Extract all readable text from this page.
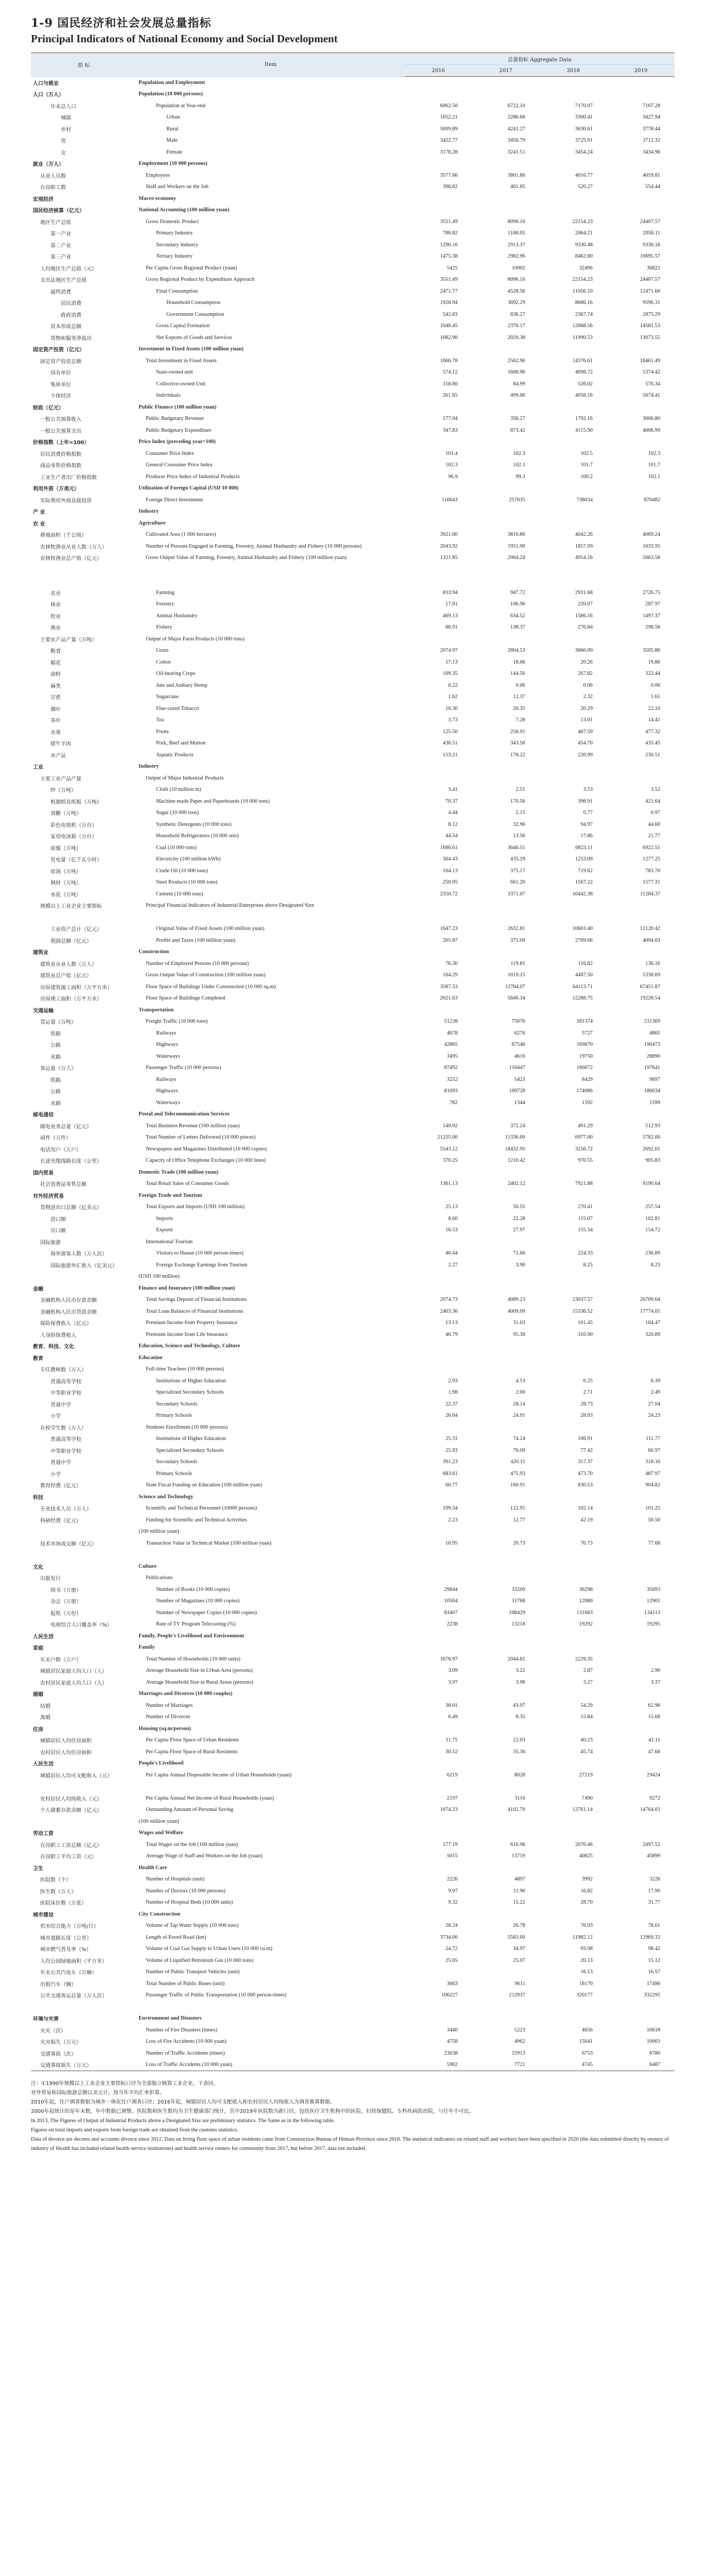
1-9 国民经济和社会发展总量指标
Principal Indicators of National Economy and Social Development
指 标	Item	总量指标 Aggregate Data			
		2016	2017	2018	2019
人口与就业	Population and Employment				
人口（万人）	Population (10 000 persons)				
年末总人口	Population at Year-end	6062.50	6722.10	7170.07	7167.28
城镇	Urban	1052.21	2286.68	3300.41	3427.94
乡村	Rural	5009.89	4241.27	3630.61	3778.44
男	Male	3422.77	3450.79	3725.91	3712.32
女	Female	3178.28	3241.51	3454.24	3434.96
就业（万人）	Employment (10 000 persons)				
从业人员数	Employees	3577.66	3801.86	4016.77	4059.81
在岗职工数	Staff and Workers on the Job	396.82	401.85	520.27	554.44
宏观经济	Macro-economy				
国民经济核算（亿元）	National Accounting (100 million yuan)				
地区生产总值	Gross Domestic Product	3551.49	8096.16	22154.23	24407.57
第一产业	Primary Industry	786.82	1168.05	2064.21	2056.11
第二产业	Secondary Industry	1290.16	2913.37	9330.48	9330.16
第三产业	Tertiary Industry	1475.38	2982.96	8462.80	10695.57
人均地区生产总值（元）	Per Capita Gross Regional Product (yuan)	5425	10002	32496	36822
支出法地区生产总值	Gross Regional Product by Expenditure Approach	3551.49	8096.16	22154.23	24407.57
最终消费	Final Consumption	2471.77	4528.56	11056.10	12471.60
居民消费	Household Consumption	1928.94	3692.29	8686.16	9596.31
政府消费	Government Consumption	542.83	836.27	2367.74	2875.29
资本形成总额	Gross Capital Formation	1046.45	2370.17	12668.56	14581.53
货物和服务净流出	Net Exports of Goods and Services	1082.90	2020.38	11990.53	13073.55
固定资产投资（亿元）	Investment in Fixed Assets (100 million yuan)				
固定资产投资总额	Total Investment in Fixed Assets	1066.78	2562.96	14376.61	16461.49
国有单位	State-owned unit	574.12	1606.96	4098.72	5374.42
集体单位	Collective-owned Unit	118.80	84.99	526.02	576.34
个体经济	Individuals	261.65	499.06	4058.16	5674.41
财政（亿元）	Public Finance (100 million yuan)				
一般公共预算收入	Public Budgetary Revenue	177.04	356.27	1792.16	3006.80
一般公共预算支出	Public Budgetary Expenditure	347.83	873.42	4115.90	4006.99
价格指数（上年=100）	Price Index (preceding year=100)				
居民消费价格指数	Consumer Price Index	101.4	102.3	102.5	102.3
商品零售价格指数	General Consumer Price Index	102.3	102.1	101.7	101.7
工业生产者出厂价格指数	Producer Price Index of Industrial Products	96.9	99.3	100.2	102.1
利用外资（万美元）	Utilization of Foreign Capital (USD 10 000)				
实际利用外商直接投资	Foreign Direct Investment	116643	257035	738034	870482
产 业	Industry				
农 业	Agriculture				
耕地面积（千公顷）	Cultivated Area (1 000 hectares)	3921.60	3810.86	4042.26	4069.24
农林牧渔业从业人数（万人）	Number of Persons Engaged in Farming, Forestry, Animal Husbandry and Fishery (10 000 persons)	2043.92	1951.90	1857.09	1633.95
农林牧渔业总产值（亿元）	Gross Output Value of Farming, Forestry, Animal Husbandry and Fishery (100 million yuan)	1321.85	2064.24	4954.16	5063.58

农业	Farming	833.94	947.72	2931.68	2726.75
林业	Forestry	17.01	106.96	220.07	287.97
牧业	Animal Husbandry	469.13	634.52	1586.16	1497.37
渔业	Fishery	86.91	138.37	276.84	298.56
主要农产品产量（万吨）	Output of Major Farm Products (10 000 tons)				
粮食	Grain	2074.97	2804.53	3666.00	3505.86
棉花	Cotton	17.13	18.06	20.26	19.86
油料	Oil-bearing Crops	109.35	144.56	267.82	322.44
麻类	Jute and Ambary Hemp	0.22	0.06	0.06	0.06
甘蔗	Sugarcane	1.62	12.37	2.32	1.61
烟叶	Flue-cured Tobacco	10.30	20.35	20.29	22.10
茶叶	Tea	3.73	7.28	13.01	14.41
水果	Fruits	125.50	256.91	467.59	477.32
猪牛羊肉	Pork, Beef and Mutton	436.51	343.50	454.70	435.45
水产品	Aquatic Products	153.21	178.22	220.99	230.51
工业	Industry				
主要工业产品产量	Output of Major Industrial Products				
纱（万吨）	Cloth (10 million m)	3.41	2.51	3.53	3.52
机制纸及纸板（万吨）	Machine-made Paper and Paperboards (10 000 tons)	70.37	170.56	398.91	421.64
食糖（万吨）	Sugar (10 000 tons)	4.44	2.15	0.77	0.97
彩色电视机（万台）	Synthetic Detergents (10 000 tons)	8.12	32.96	94.97	44.60
家用电冰箱（万台）	Household Refrigerators (10 000 sets)	44.54	13.56	17.86	21.77
原煤（万吨）	Coal (10 000 tons)	1686.61	3640.51	6823.11	6922.51
发电量（亿千瓦小时）	Electricity (100 million kWh)	304.43	435.29	1253.09	1277.25
原油（万吨）	Crude Oil (10 000 tons)	164.13	375.17	719.62	783.70
钢材（万吨）	Steel Products (10 000 tons)	250.95	661.20	1567.22	1577.31
水泥（万吨）	Cement (10 000 tons)	2350.72	3371.07	10442.38	11284.37
规模以上工业企业主要指标	Principal Financial Indicators of Industrial Enterprises above Designated Size				

工业资产总计（亿元）	Original Value of Fixed Assets (100 million yuan)	1647.23	2632.81	10603.40	12120.42
利润总额（亿元）	Profits and Taxes (100 million yuan)	205.87	375.09	2709.66	4094.03
建筑业	Construction				
建筑业从业人数（万人）	Number of Employed Persons (10 000 persons)	76.30	119.81	116.82	136.16
建筑业总产值（亿元）	Gross Output Value of Construction (100 million yuan)	164.29	1019.15	4487.50	5330.69
房屋建筑施工面积（万平方米）	Floor Space of Buildings Under Construction (10 000 sq.m)	3587.53	12764.07	64113.71	67451.87
房屋竣工面积（万平方米）	Floor Space of Buildings Completed	2021.63	5846.34	12288.75	19228.54
交通运输	Transportation				
货运量（万吨）	Freight Traffic (10 000 tons)	51238	75076	181374	211369
铁路	Railways	4678	6276	5727	4865
公路	Highways	42865	67546	169670	190473
水路	Waterways	3495	4616	19750	28890
客运量（万人）	Passenger Traffic (10 000 persons)	87492	116447	166672	197641
铁路	Railways	3252	5423	8429	9697
公路	Highways	81093	109728	174086	186034
水路	Waterways	782	1344	1592	1599
邮电通信	Postal and Telecommunication Services				
邮电业务总量（亿元）	Total Business Revenue (100 million yuan)	140.92	372.24	491.29	512.93
函件（万件）	Total Number of Letters Delivered (10 000 pieces)	21255.00	11336.00	6977.00	5782.00
电话用户（万户）	Newspapers and Magazines Distributed (10 000 copies)	5543.12	18432.95	3256.72	2692.01
长途光缆线路长度（公里）	Capacity of Office Telephone Exchanges (10 000 lines)	370.25	1210.42	970.55	905.83
国内贸易	Domestic Trade (100 million yuan)				
社会消费品零售总额	Total Retail Sales of Consumer Goods	1361.13	2402.12	7921.88	9190.64
对外经济贸易	Foreign Trade and Tourism				
货物进出口总额（亿美元）	Total Exports and Imports (USD 100 million)	25.13	50.55	270.41	257.54
进口额	Imports	8.60	22.28	115.07	102.81
出口额	Exports	16.53	27.97	155.34	154.72
国际旅游	International Tourism				
海外游客人数（万人次）	Visitors to Hunan (10 000 person-times)	40.44	71.66	224.33	236.89
国际旅游外汇收入（亿美元）	Foreign Exchange Earnings from Tourism	2.27	3.90	8.25	8.23
	(USD 100 million)				
金融	Finance and Insurance (100 million yuan)				
金融机构人民币存款余额	Total Savings Deposit of Financial Institutions	2074.73	4089.23	23037.57	26709.64
金融机构人民币贷款余额	Total Loan Balances of Financial Institutions	2403.36	4009.09	15336.52	17774.05
保险保费收入（亿元）	Premium Income from Property Insurance	13.13	31.03	101.45	164.47
人身险保费收入	Premium Income from Life Insurance	46.79	95.38	310.90	320.89
教育、科技、文化	Education, Science and Technology, Culture				
教育	Education				
专任教师数（万人）	Full-time Teachers (10 000 persons)				
普通高等学校	Institutions of Higher Education	2.93	4.53	6.25	6.39
中等职业学校	Specialized Secondary Schools	1.98	2.00	2.71	2.49
普通中学	Secondary Schools	22.37	28.14	28.73	27.04
小学	Primary Schools	26.64	24.91	28.93	24.23
在校学生数（万人）	Students Enrollment (10 000 persons)				
普通高等学校	Institutions of Higher Education	25.31	74.24	106.91	111.77
中等职业学校	Specialized Secondary Schools	25.93	76.09	77.42	60.97
普通中学	Secondary Schools	391.23	420.11	317.37	318.16
小学	Primary Schools	683.61	475.93	473.70	487.97
教育经费（亿元）	State Fiscal Funding on Education (100 million yuan)	60.77	160.91	830.53	904.82
科技	Science and Technology				
专业技术人员（万人）	Scientific and Technical Personnel (10000 persons)	109.34	122.91	102.14	101.25
科研经费（亿元）	Funding for Scientific and Technical Activities	2.23	12.77	42.19	50.50
	(100 million yuan)				
技术市场成交额（亿元）	Transaction Value in Technical Market (100 million yuan)	10.95	20.73	70.73	77.68

文化	Culture				
出版发行	Publications				
图书（万册）	Number of Books (10 000 copies)	29844	33209	36298	35693
杂志（万册）	Number of Magazines (10 000 copies)	10504	11768	12080	12901
报纸（万份）	Number of Newspaper Copies (10 000 copies)	83407	108429	131683	134113
电视综合人口覆盖率（%）	Rate of TV Program Telecasting (%)	2238	13218	19292	19295
人民生活	Family, People's Livelihood and Environment				
家庭	Family				
年末户数（万户）	Total Number of Households (10 000 units)	1676.97	2044.81	2229.35	
城镇居民家庭人均人口（人）	Average Household Size in Urban Area (persons)	3.09	3.22	2.87	2.90
农村居民家庭人均人口（人）	Average Household Size in Rural Areas (persons)	3.97	3.96	3.27	3.37
婚姻	Marriages and Divorces (10 000 couples)				
结婚	Number of Marriages	38.01	43.97	54.29	62.96
离婚	Number of Divorces	6.49	8.35	15.84	15.68
住房	Housing (sq.m/person)				
城镇居民人均住房面积	Per Capita Floor Space of Urban Residents	11.75	22.03	40.23	42.11
农村居民人均住房面积	Per Capita Floor Space of Rural Residents	30.52	35.36	45.74	47.68
人民生活	People's Livelihood				
城镇居民人均可支配收入（元）	Per Capita Annual Disposable Income of Urban Households (yuan)	6219	8028	27219	29424

农村居民人均纯收入（元）	Per Capita Annual Net Income of Rural Households (yuan)	2197	3116	7490	9272
个人储蓄存款余额（亿元）	Outstanding Amount of Personal Saving	1074.23	4102.70	12761.14	14764.03
	(100 million yuan)				
劳动工资	Wages and Welfare				
在岗职工工资总额（亿元）	Total Wages on the Job (100 million yuan)	177.19	616.98	2076.46	2497.52
在岗职工平均工资（元）	Average Wage of Staff and Workers on the Job (yuan)	5015	13719	40825	45899
卫生	Health Care				
医院数（个）	Number of Hospitals (unit)	2226	4897	3992	3226
医生数（万人）	Number of Doctors (10 000 persons)	9.97	11.90	16.82	17.90
医院床位数（万张）	Number of Hospital Beds (10 000 units)	9.32	15.22	28.70	31.77
城市建设	City Construction				
供水综合能力（万吨/日）	Volume of Tap Water Supply (10 000 tons)	28.24	26.78	76.93	78.61
城市道路长度（公里）	Length of Paved Road (km)	3734.00	5583.00	11982.12	12969.32
城市燃气普及率（%）	Volume of Coal Gas Supply to Urban Users (10 000 cu.m)	24.72	34.97	93.98	98.42
人均公园绿地面积（平方米）	Volume of Liquified Petroleum Gas (10 000 tons)	25.05	25.07	20.13	15.12
年末公共汽电车（万辆）	Number of Public Transport Vehicles (unit)			16.13	16.57
出租汽车（辆）	Total Number of Public Buses (unit)	3663	9611	18170	17496
公共交通客运总量（万人次）	Passenger Traffic of Public Transportation (10 000 person-times)	106227	212937	320177	332295

环境与灾害	Environment and Disasters				
火灾（次）	Number of Fire Disasters (times)	3440	5223	4656	10618
火灾损失（万元）	Loss of Fire Accidents (10 000 yuan)	4758	4962	15641	10003
交通事故（次）	Number of Traffic Accidents (times)	23638	15913	6753	6780
交通事故损失（万元）	Loss of Traffic Accidents (10 000 yuan)	5902	7721	4745	6487

注：①1990年规模以上工业企业主要指标口径为全部独立核算工业企业，下表同。

对外贸易和国际旅游总额以美元计，按当年平均汇率折算。

2010年起，住户调查数据为城乡一体化住户调查口径；2016年起，城镇居民人均可支配收入和农村居民人均纯收入为调查推算数据。

2000年起统计的是年末数，年中数据已调整。医院数和医生数均为卫生健康部门统计，其中2019年医院数为新口径，包括医疗卫生机构中的医院、妇幼保健院、专科疾病防治院，与往年不可比。

In 2013, The Figures of Output of Industrial Products above a Designated Size are preliminary statistics. The Same as in the following table.

Figures on total imports and exports from foreign trade are obtained from the customs statistics.

Data of divorce are decrees and accounts divorce since 2012. Data on living floor space of urban residents came from Construction Bureau of Human Province since 2016. The statistical indicators on related staff and workers have been specified in 2020 (the data submitted directly by owners of industry of Health has included related health service institutions) and health service centers for community from 2017, but before 2017, data not included.
